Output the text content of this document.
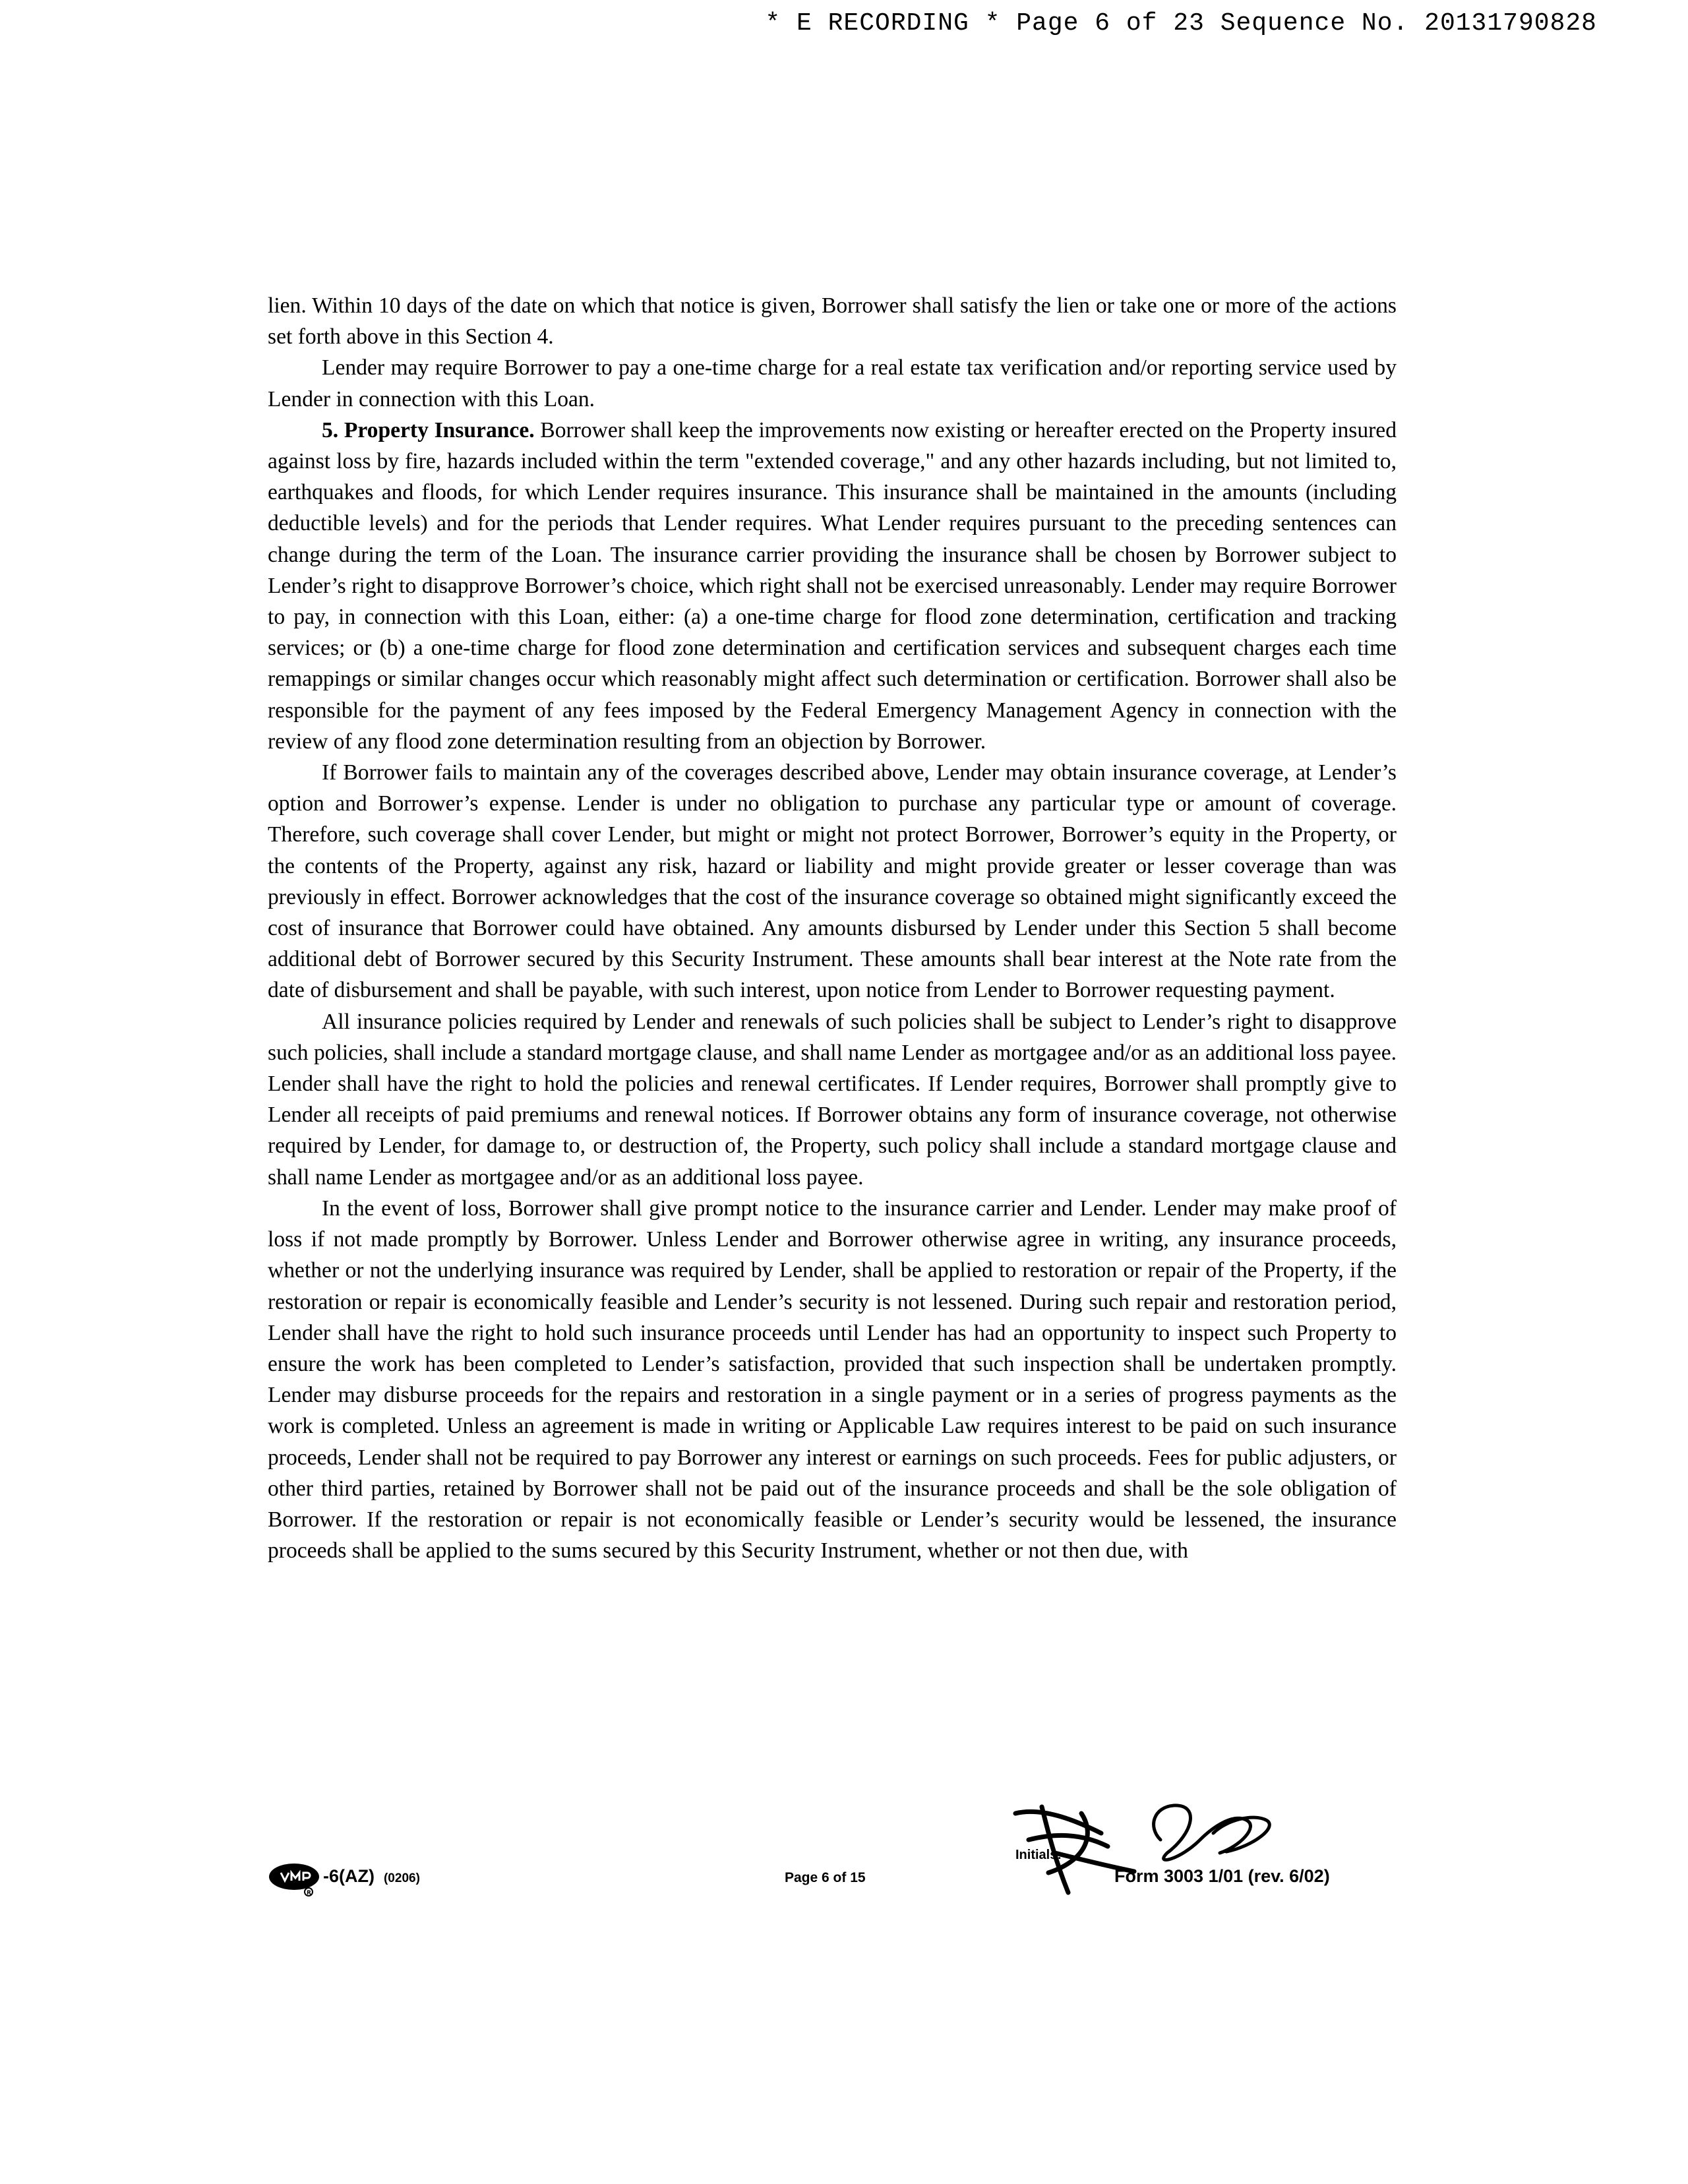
* E RECORDING * Page 6 of 23 Sequence No. 20131790828

lien. Within 10 days of the date on which that notice is given, Borrower shall satisfy the lien or take one or more of the actions set forth above in this Section 4.

Lender may require Borrower to pay a one-time charge for a real estate tax verification and/or reporting service used by Lender in connection with this Loan.

5. Property Insurance. Borrower shall keep the improvements now existing or hereafter erected on the Property insured against loss by fire, hazards included within the term "extended coverage," and any other hazards including, but not limited to, earthquakes and floods, for which Lender requires insurance. This insurance shall be maintained in the amounts (including deductible levels) and for the periods that Lender requires. What Lender requires pursuant to the preceding sentences can change during the term of the Loan. The insurance carrier providing the insurance shall be chosen by Borrower subject to Lender’s right to disapprove Borrower’s choice, which right shall not be exercised unreasonably. Lender may require Borrower to pay, in connection with this Loan, either: (a) a one-time charge for flood zone determination, certification and tracking services; or (b) a one-time charge for flood zone determination and certification services and subsequent charges each time remappings or similar changes occur which reasonably might affect such determination or certification. Borrower shall also be responsible for the payment of any fees imposed by the Federal Emergency Management Agency in connection with the review of any flood zone determination resulting from an objection by Borrower.

If Borrower fails to maintain any of the coverages described above, Lender may obtain insurance coverage, at Lender’s option and Borrower’s expense. Lender is under no obligation to purchase any particular type or amount of coverage. Therefore, such coverage shall cover Lender, but might or might not protect Borrower, Borrower’s equity in the Property, or the contents of the Property, against any risk, hazard or liability and might provide greater or lesser coverage than was previously in effect. Borrower acknowledges that the cost of the insurance coverage so obtained might significantly exceed the cost of insurance that Borrower could have obtained. Any amounts disbursed by Lender under this Section 5 shall become additional debt of Borrower secured by this Security Instrument. These amounts shall bear interest at the Note rate from the date of disbursement and shall be payable, with such interest, upon notice from Lender to Borrower requesting payment.

All insurance policies required by Lender and renewals of such policies shall be subject to Lender’s right to disapprove such policies, shall include a standard mortgage clause, and shall name Lender as mortgagee and/or as an additional loss payee. Lender shall have the right to hold the policies and renewal certificates. If Lender requires, Borrower shall promptly give to Lender all receipts of paid premiums and renewal notices. If Borrower obtains any form of insurance coverage, not otherwise required by Lender, for damage to, or destruction of, the Property, such policy shall include a standard mortgage clause and shall name Lender as mortgagee and/or as an additional loss payee.

In the event of loss, Borrower shall give prompt notice to the insurance carrier and Lender. Lender may make proof of loss if not made promptly by Borrower. Unless Lender and Borrower otherwise agree in writing, any insurance proceeds, whether or not the underlying insurance was required by Lender, shall be applied to restoration or repair of the Property, if the restoration or repair is economically feasible and Lender’s security is not lessened. During such repair and restoration period, Lender shall have the right to hold such insurance proceeds until Lender has had an opportunity to inspect such Property to ensure the work has been completed to Lender’s satisfaction, provided that such inspection shall be undertaken promptly. Lender may disburse proceeds for the repairs and restoration in a single payment or in a series of progress payments as the work is completed. Unless an agreement is made in writing or Applicable Law requires interest to be paid on such insurance proceeds, Lender shall not be required to pay Borrower any interest or earnings on such proceeds. Fees for public adjusters, or other third parties, retained by Borrower shall not be paid out of the insurance proceeds and shall be the sole obligation of Borrower. If the restoration or repair is not economically feasible or Lender’s security would be lessened, the insurance proceeds shall be applied to the sums secured by this Security Instrument, whether or not then due, with

R
-6(AZ) (0206)	Page 6 of 15
Initials:
Form 3003 1/01 (rev. 6/02)
